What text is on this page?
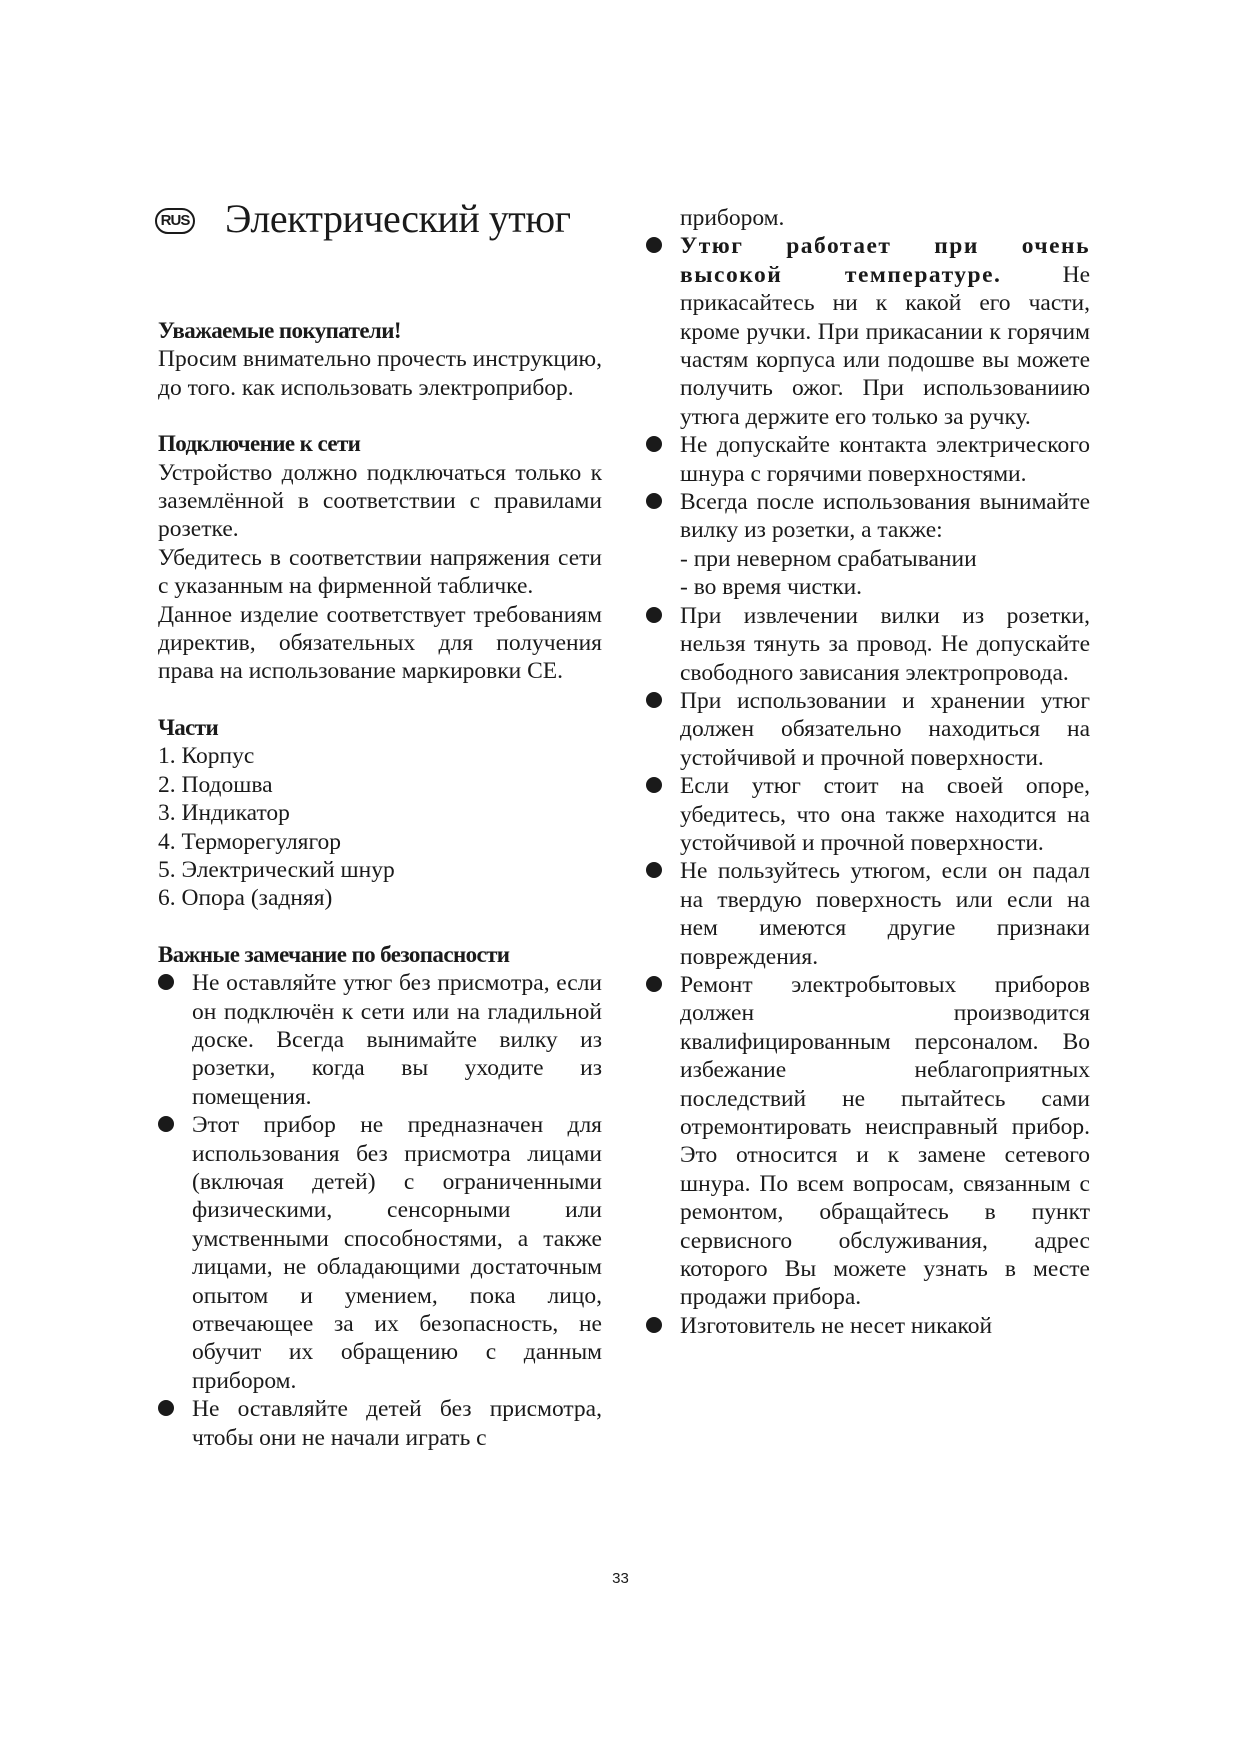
RUS Электрический утюг
Уважаемые покупатели!
Просим внимательно прочесть инструкцию, до того. как использовать электроприбор.
Подключение к сети
Устройство должно подключаться только к заземлённой в соответствии с правилами розетке.
Убедитесь в соответствии напряжения сети с указанным на фирменной табличке.
Данное изделие соответствует требованиям директив, обязательных для получения права на использование маркировки CE.
Части
1. Корпус
2. Подошва
3. Индикатор
4. Терморегулягор
5. Электрический шнур
6. Опора (задняя)
Важные замечание по безопасности
Не оставляйте утюг без присмотра, если он подключён к сети или на гладильной доске. Всегда вынимайте вилку из розетки, когда вы уходите из помещения.
Этот прибор не предназначен для использования без присмотра лицами (включая детей) с ограниченными физическими, сенсорными или умственными способностями, а также лицами, не обладающими достаточным опытом и умением, пока лицо, отвечающее за их безопасность, не обучит их обращению с данным прибором.
Не оставляйте детей без присмотра, чтобы они не начали играть с
прибором.
Утюг работает при очень высокой температуре.	Не прикасайтесь ни к какой его части, кроме ручки. При прикасании к горячим частям корпуса или подошве вы можете получить ожог. При использованиию утюга держите его только за ручку.
Не допускайте контакта электрического шнура с горячими поверхностями.
Всегда после использования вынимайте вилку из розетки, а также:
- при неверном срабатывании
- во время чистки.
При извлечении вилки из розетки, нельзя тянуть за провод. Не допускайте свободного зависания электропровода.
При использовании и хранении утюг должен обязательно находиться на устойчивой и прочной поверхности.
Если утюг стоит на своей опоре, убедитесь, что она также находится на устойчивой и прочной поверхности.
Не пользуйтесь утюгом, если он падал на твердую поверхность или если на нем имеются другие признаки повреждения.
Ремонт электробытовых приборов должен производится квалифицированным персоналом. Во избежание неблагоприятных последствий не пытайтесь сами отремонтировать неисправный прибор. Это относится и к замене сетевого шнура. По всем вопросам, связанным с ремонтом, обращайтесь в пункт сервисного обслуживания, адрес которого Вы можете узнать в месте продажи прибора.
Изготовитель не несет никакой
33
